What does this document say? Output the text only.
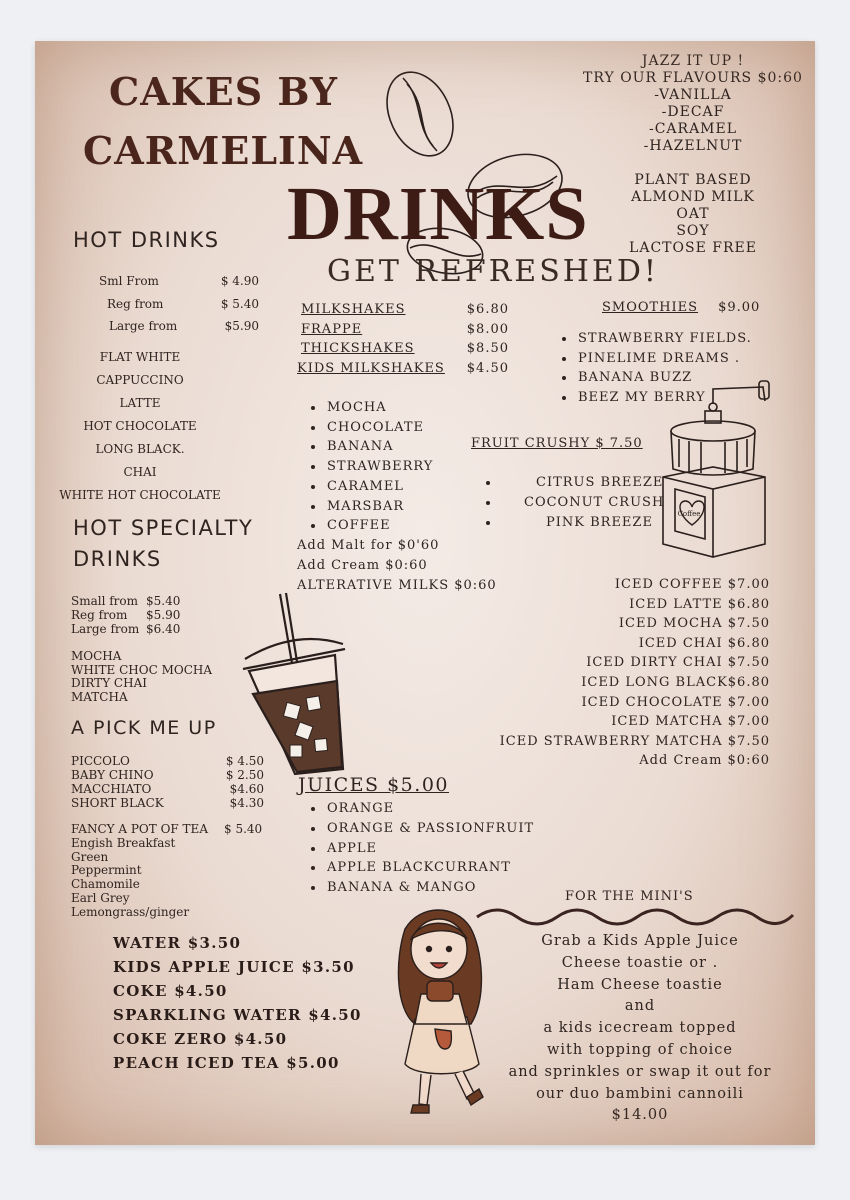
CAKES BY
CARMELINA
DRINKS
GET REFRESHED!
JAZZ IT UP !
TRY OUR FLAVOURS $0:60
-VANILLA
-DECAF
-CARAMEL
-HAZELNUT
PLANT BASED
ALMOND MILK
OAT
SOY
LACTOSE FREE
HOT DRINKS
Sml From	$ 4.90
Reg from	$ 5.40
Large from	$5.90
FLAT WHITE
CAPPUCCINO
LATTE
HOT CHOCOLATE
LONG BLACK.
CHAI
WHITE HOT CHOCOLATE
HOT SPECIALTY
DRINKS
Small from $5.40
Reg from	$5.90
Large from $6.40
MOCHA
WHITE CHOC MOCHA
DIRTY CHAI
MATCHA
A PICK ME UP
PICCOLO	$ 4.50
BABY CHINO	$ 2.50
MACCHIATO	$4.60
SHORT BLACK	$4.30
FANCY A POT OF TEA	$ 5.40
Engish Breakfast
Green
Peppermint
Chamomile
Earl Grey
Lemongrass/ginger
MILKSHAKES	$6.80
FRAPPE	$8.00
THICKSHAKES	$8.50
KIDS MILKSHAKES $4.50
• MOCHA
• CHOCOLATE
• BANANA
• STRAWBERRY
• CARAMEL
• MARSBAR
• COFFEE
Add Malt for $0'60
Add Cream $0:60
ALTERATIVE MILKS $0:60
SMOOTHIES $9.00
• STRAWBERRY FIELDS.
• PINELIME DREAMS .
• BANANA BUZZ
• BEEZ MY BERRY
Coffee
FRUIT CRUSHY $ 7.50
• CITRUS BREEZE
• COCONUT CRUSH
• PINK BREEZE
ICED COFFEE $7.00
ICED LATTE $6.80
ICED MOCHA $7.50
ICED CHAI $6.80
ICED DIRTY CHAI $7.50
ICED LONG BLACK$6.80
ICED CHOCOLATE $7.00
ICED MATCHA $7.00
ICED STRAWBERRY MATCHA $7.50
Add Cream $0:60
JUICES $5.00
• ORANGE
• ORANGE & PASSIONFRUIT
• APPLE
• APPLE BLACKCURRANT
• BANANA & MANGO
WATER $3.50
KIDS APPLE JUICE $3.50
COKE $4.50
SPARKLING WATER $4.50
COKE ZERO $4.50
PEACH ICED TEA $5.00
FOR THE MINI'S
Grab a Kids Apple Juice
Cheese toastie or .
Ham Cheese toastie
and
a kids icecream topped
with topping of choice
and sprinkles or swap it out for
our duo bambini cannoili
$14.00
